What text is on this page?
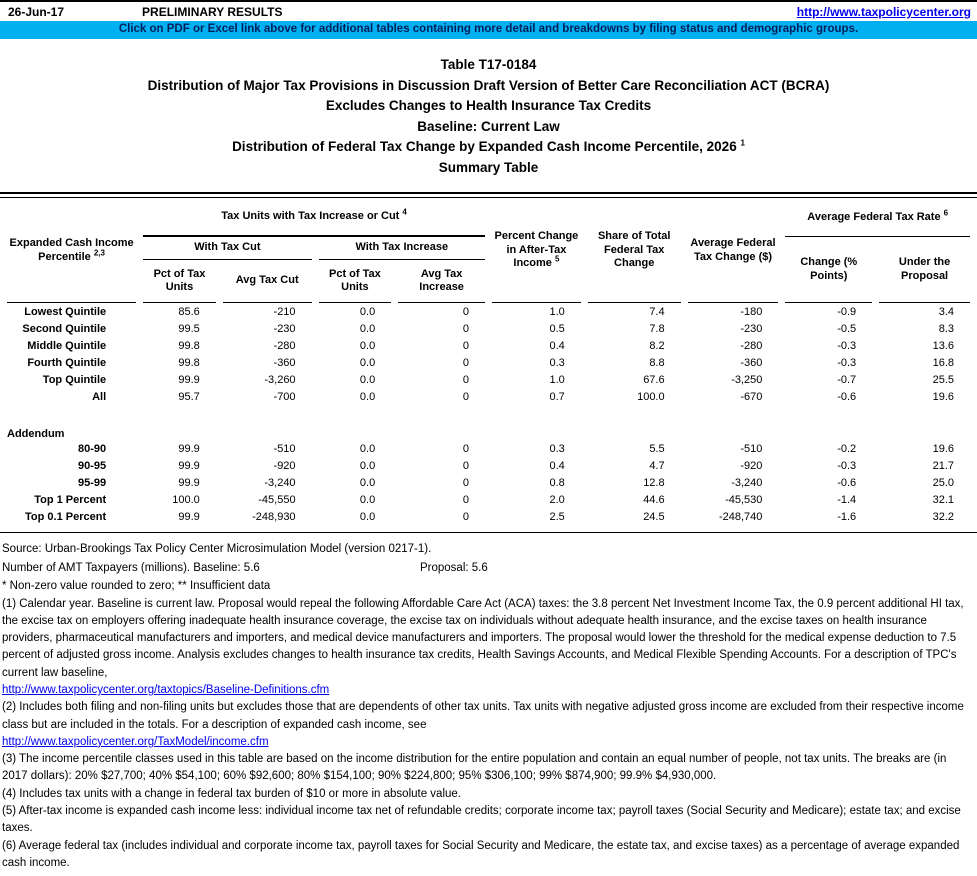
26-Jun-17	PRELIMINARY RESULTS	http://www.taxpolicycenter.org
Click on PDF or Excel link above for additional tables containing more detail and breakdowns by filing status and demographic groups.
Table T17-0184
Distribution of Major Tax Provisions in Discussion Draft Version of Better Care Reconciliation ACT (BCRA)
Excludes Changes to Health Insurance Tax Credits
Baseline: Current Law
Distribution of Federal Tax Change by Expanded Cash Income Percentile, 2026 $^1$
Summary Table
Expanded Cash Income Percentile $^{2,3}$	Tax Units with Tax Increase or Cut $^4$				Percent Change in After-Tax Income $^5$	Share of Total Federal Tax Change	Average Federal Tax Change ($)	Average Federal Tax Rate $^6$
	With Tax Cut		With Tax Increase					Change (% Points)	Under the Proposal
	Pct of Tax Units	Avg Tax Cut	Pct of Tax Units	Avg Tax Increase					
Lowest Quintile	85.6	-210	0.0	0	1.0	7.4	-180	-0.9	3.4
Second Quintile	99.5	-230	0.0	0	0.5	7.8	-230	-0.5	8.3
Middle Quintile	99.8	-280	0.0	0	0.4	8.2	-280	-0.3	13.6
Fourth Quintile	99.8	-360	0.0	0	0.3	8.8	-360	-0.3	16.8
Top Quintile	99.9	-3,260	0.0	0	1.0	67.6	-3,250	-0.7	25.5
All	95.7	-700	0.0	0	0.7	100.0	-670	-0.6	19.6

Addendum									
80-90	99.9	-510	0.0	0	0.3	5.5	-510	-0.2	19.6
90-95	99.9	-920	0.0	0	0.4	4.7	-920	-0.3	21.7
95-99	99.9	-3,240	0.0	0	0.8	12.8	-3,240	-0.6	25.0
Top 1 Percent	100.0	-45,550	0.0	0	2.0	44.6	-45,530	-1.4	32.1
Top 0.1 Percent	99.9	-248,930	0.0	0	2.5	24.5	-248,740	-1.6	32.2
Source: Urban-Brookings Tax Policy Center Microsimulation Model (version 0217-1).
Number of AMT Taxpayers (millions). Baseline: 5.6	Proposal: 5.6
* Non-zero value rounded to zero; ** Insufficient data

(1) Calendar year. Baseline is current law. Proposal would repeal the following Affordable Care Act (ACA) taxes: the 3.8 percent Net Investment Income Tax, the 0.9 percent additional HI tax, the excise tax on employers offering inadequate health insurance coverage, the excise tax on individuals without adequate health insurance, and the excise taxes on health insurance providers, pharmaceutical manufacturers and importers, and medical device manufacturers and importers. The proposal would lower the threshold for the medical expense deduction to 7.5 percent of adjusted gross income. Analysis excludes changes to health insurance tax credits, Health Savings Accounts, and Medical Flexible Spending Accounts. For a description of TPC's current law baseline,
http://www.taxpolicycenter.org/taxtopics/Baseline-Definitions.cfm

(2) Includes both filing and non-filing units but excludes those that are dependents of other tax units. Tax units with negative adjusted gross income are excluded from their respective income class but are included in the totals. For a description of expanded cash income, see
http://www.taxpolicycenter.org/TaxModel/income.cfm

(3) The income percentile classes used in this table are based on the income distribution for the entire population and contain an equal number of people, not tax units. The breaks are (in 2017 dollars): 20% $27,700; 40% $54,100; 60% $92,600; 80% $154,100; 90% $224,800; 95% $306,100; 99% $874,900; 99.9% $4,930,000.

(4) Includes tax units with a change in federal tax burden of $10 or more in absolute value.

(5) After-tax income is expanded cash income less: individual income tax net of refundable credits; corporate income tax; payroll taxes (Social Security and Medicare); estate tax; and excise taxes.

(6) Average federal tax (includes individual and corporate income tax, payroll taxes for Social Security and Medicare, the estate tax, and excise taxes) as a percentage of average expanded cash income.
